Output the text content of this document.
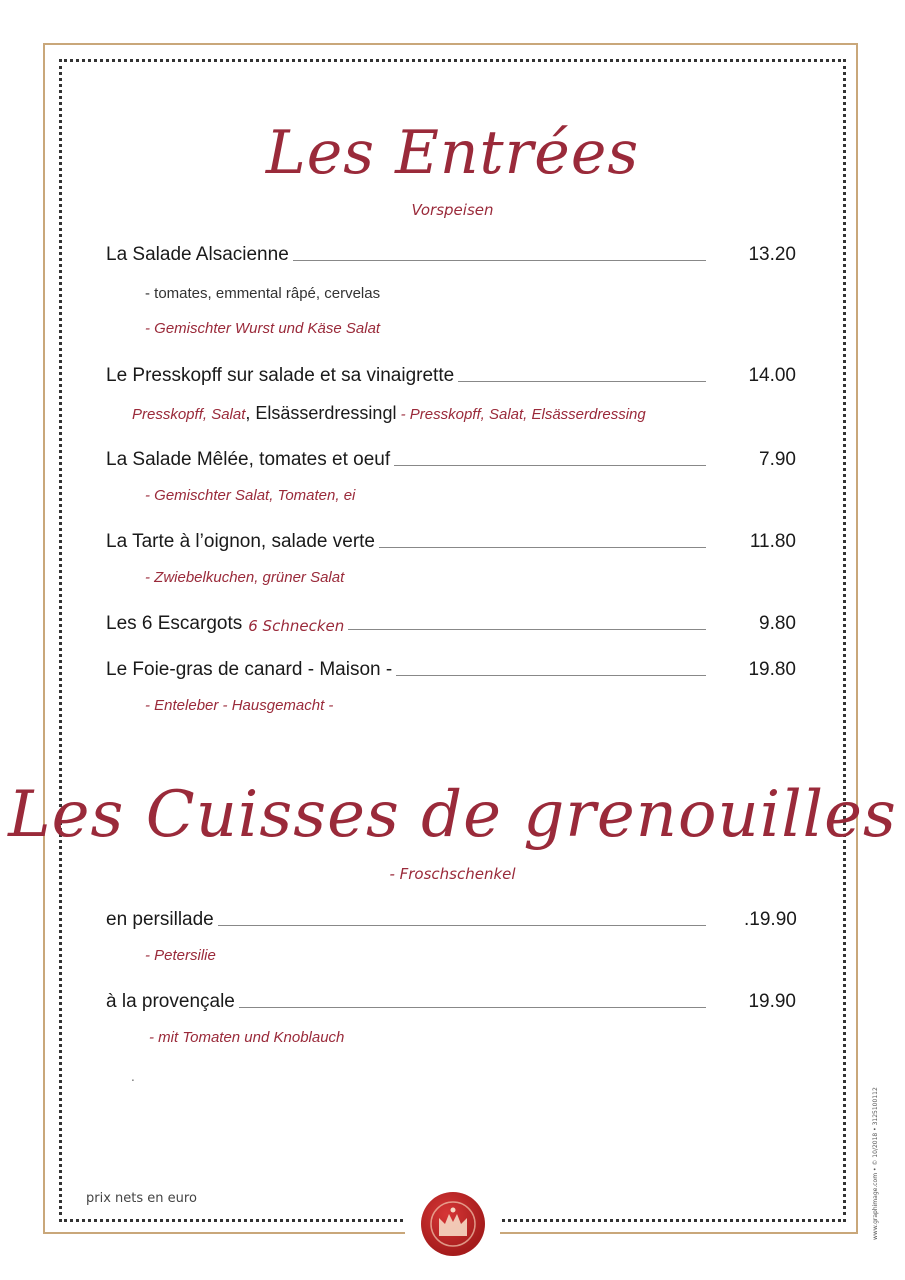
Les Entrées
Vorspeisen
La Salade Alsacienne	13.20
- tomates, emmental râpé, cervelas
- Gemischter Wurst und Käse Salat
Le Presskopff sur salade et sa vinaigrette	14.00
Presskopff, Salat, Elsässerdressingl - Presskopff, Salat, Elsässerdressing
La Salade Mêlée, tomates et oeuf	7.90
- Gemischter Salat, Tomaten, ei
La Tarte à l’oignon, salade verte	11.80
- Zwiebelkuchen, grüner Salat
Les 6 Escargots 6 Schnecken	9.80
Le Foie-gras de canard - Maison -	19.80
- Enteleber - Hausgemacht -
Les Cuisses de grenouilles
- Froschschenkel
en persillade	.19.90
- Petersilie
à la provençale	19.90
- mit Tomaten und Knoblauch
.
prix nets en euro	www.graphimage.com • © 10/2018 • 3125100112
